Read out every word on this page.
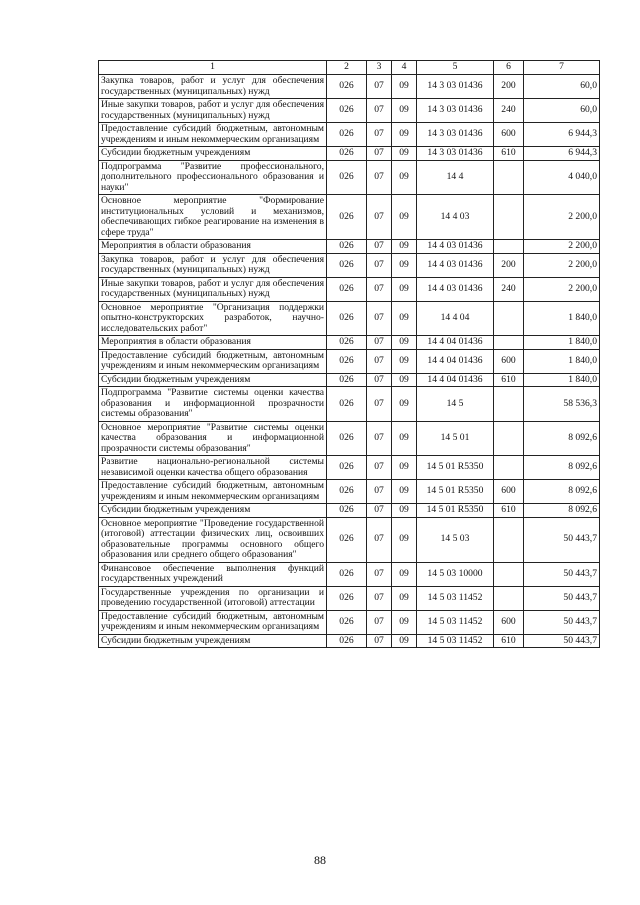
1	2	3	4	5	6	7
Закупка товаров, работ и услуг для обеспечения государственных (муниципальных) нужд	026	07	09	14 3 03 01436	200	60,0
Иные закупки товаров, работ и услуг для обеспечения государственных (муниципальных) нужд	026	07	09	14 3 03 01436	240	60,0
Предоставление субсидий бюджетным, автономным учреждениям и иным некоммерческим организациям	026	07	09	14 3 03 01436	600	6 944,3
Субсидии бюджетным учреждениям	026	07	09	14 3 03 01436	610	6 944,3
Подпрограмма "Развитие профессионального, дополнительного профессионального образования и науки"	026	07	09	14 4		4 040,0
Основное мероприятие "Формирование институциональных условий и механизмов, обеспечивающих гибкое реагирование на изменения в сфере труда"	026	07	09	14 4 03		2 200,0
Мероприятия в области образования	026	07	09	14 4 03 01436		2 200,0
Закупка товаров, работ и услуг для обеспечения государственных (муниципальных) нужд	026	07	09	14 4 03 01436	200	2 200,0
Иные закупки товаров, работ и услуг для обеспечения государственных (муниципальных) нужд	026	07	09	14 4 03 01436	240	2 200,0
Основное мероприятие "Организация поддержки опытно-конструкторских разработок, научно-исследовательских работ"	026	07	09	14 4 04		1 840,0
Мероприятия в области образования	026	07	09	14 4 04 01436		1 840,0
Предоставление субсидий бюджетным, автономным учреждениям и иным некоммерческим организациям	026	07	09	14 4 04 01436	600	1 840,0
Субсидии бюджетным учреждениям	026	07	09	14 4 04 01436	610	1 840,0
Подпрограмма "Развитие системы оценки качества образования и информационной прозрачности системы образования"	026	07	09	14 5		58 536,3
Основное мероприятие "Развитие системы оценки качества образования и информационной прозрачности системы образования"	026	07	09	14 5 01		8 092,6
Развитие национально-региональной системы независимой оценки качества общего образования	026	07	09	14 5 01 R5350		8 092,6
Предоставление субсидий бюджетным, автономным учреждениям и иным некоммерческим организациям	026	07	09	14 5 01 R5350	600	8 092,6
Субсидии бюджетным учреждениям	026	07	09	14 5 01 R5350	610	8 092,6
Основное мероприятие "Проведение государственной (итоговой) аттестации физических лиц, освоивших образовательные программы основного общего образования или среднего общего образования"	026	07	09	14 5 03		50 443,7
Финансовое обеспечение выполнения функций государственных учреждений	026	07	09	14 5 03 10000		50 443,7
Государственные учреждения по организации и проведению государственной (итоговой) аттестации	026	07	09	14 5 03 11452		50 443,7
Предоставление субсидий бюджетным, автономным учреждениям и иным некоммерческим организациям	026	07	09	14 5 03 11452	600	50 443,7
Субсидии бюджетным учреждениям	026	07	09	14 5 03 11452	610	50 443,7
88
